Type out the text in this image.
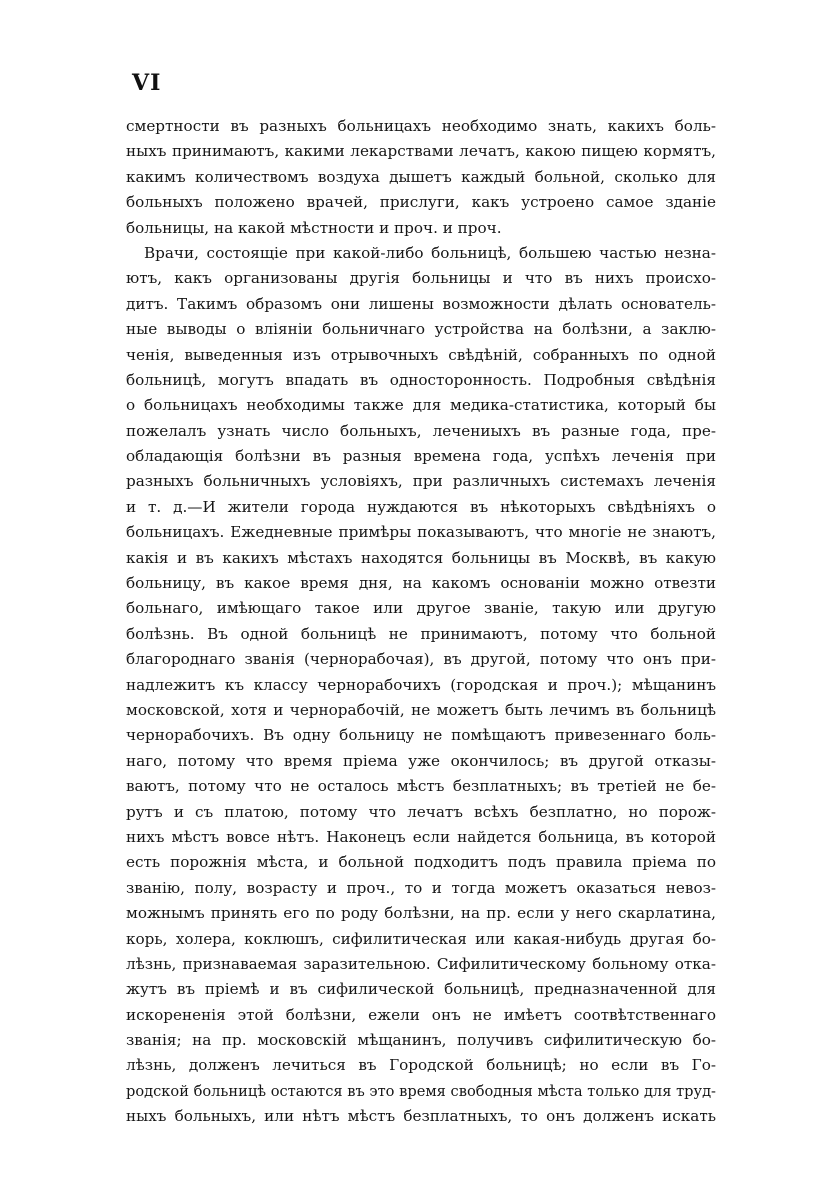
VI
смертности въ разныхъ больницахъ необходимо знать, какихъ боль-
ныхъ принимаютъ, какими лекарствами лечатъ, какою пищею кормятъ,
какимъ количествомъ воздуха дышетъ каждый больной, сколько для
больныхъ положено врачей, прислуги, какъ устроено самое зданіе
больницы, на какой мѣстности и проч. и проч.
Врачи, состоящіе при какой-либо больницѣ, большею частью незна-
ютъ, какъ организованы другія больницы и что въ нихъ происхо-
дитъ. Такимъ образомъ они лишены возможности дѣлать основатель-
ные выводы о вліяніи больничнаго устройства на болѣзни, а заклю-
ченія, выведенныя изъ отрывочныхъ свѣдѣній, собранныхъ по одной
больницѣ, могутъ впадать въ односторонность. Подробныя свѣдѣнія
о больницахъ необходимы также для медика-статистика, который бы
пожелалъ узнать число больныхъ, лечениыхъ въ разные года, пре-
обладающія болѣзни въ разныя времена года, успѣхъ леченія при
разныхъ больничныхъ условіяхъ, при различныхъ системахъ леченія
и т. д.—И жители города нуждаются въ нѣкоторыхъ свѣдѣніяхъ о
больницахъ. Ежедневные примѣры показываютъ, что многіе не знаютъ,
какія и въ какихъ мѣстахъ находятся больницы въ Москвѣ, въ какую
больницу, въ какое время дня, на какомъ основаніи можно отвезти
больнаго, имѣющаго такое или другое званіе, такую или другую
болѣзнь. Въ одной больницѣ не принимаютъ, потому что больной
благороднаго званія (чернорабочая), въ другой, потому что онъ при-
надлежитъ къ классу чернорабочихъ (городская и проч.); мѣщанинъ
московской, хотя и чернорабочій, не можетъ быть лечимъ въ больницѣ
чернорабочихъ. Въ одну больницу не помѣщаютъ привезеннаго боль-
наго, потому что время пріема уже окончилось; въ другой отказы-
ваютъ, потому что не осталось мѣстъ безплатныхъ; въ третіей не бе-
рутъ и съ платою, потому что лечатъ всѣхъ безплатно, но порож-
нихъ мѣстъ вовсе нѣтъ. Наконецъ если найдется больница, въ которой
есть порожнія мѣста, и больной подходитъ подъ правила пріема по
званію, полу, возрасту и проч., то и тогда можетъ оказаться невоз-
можнымъ принять его по роду болѣзни, на пр. если у него скарлатина,
корь, холера, коклюшъ, сифилитическая или какая-нибудь другая бо-
лѣзнь, признаваемая заразительною. Сифилитическому больному отка-
жутъ въ пріемѣ и въ сифилической больницѣ, предназначенной для
искорененія этой болѣзни, ежели онъ не имѣетъ соотвѣтственнаго
званія; на пр. московскій мѣщанинъ, получивъ сифилитическую бо-
лѣзнь, долженъ лечиться въ Городской больницѣ; но если въ Го-
родской больницѣ остаются въ это время свободныя мѣста только для труд-
ныхъ больныхъ, или нѣтъ мѣстъ безплатныхъ, то онъ долженъ искать
